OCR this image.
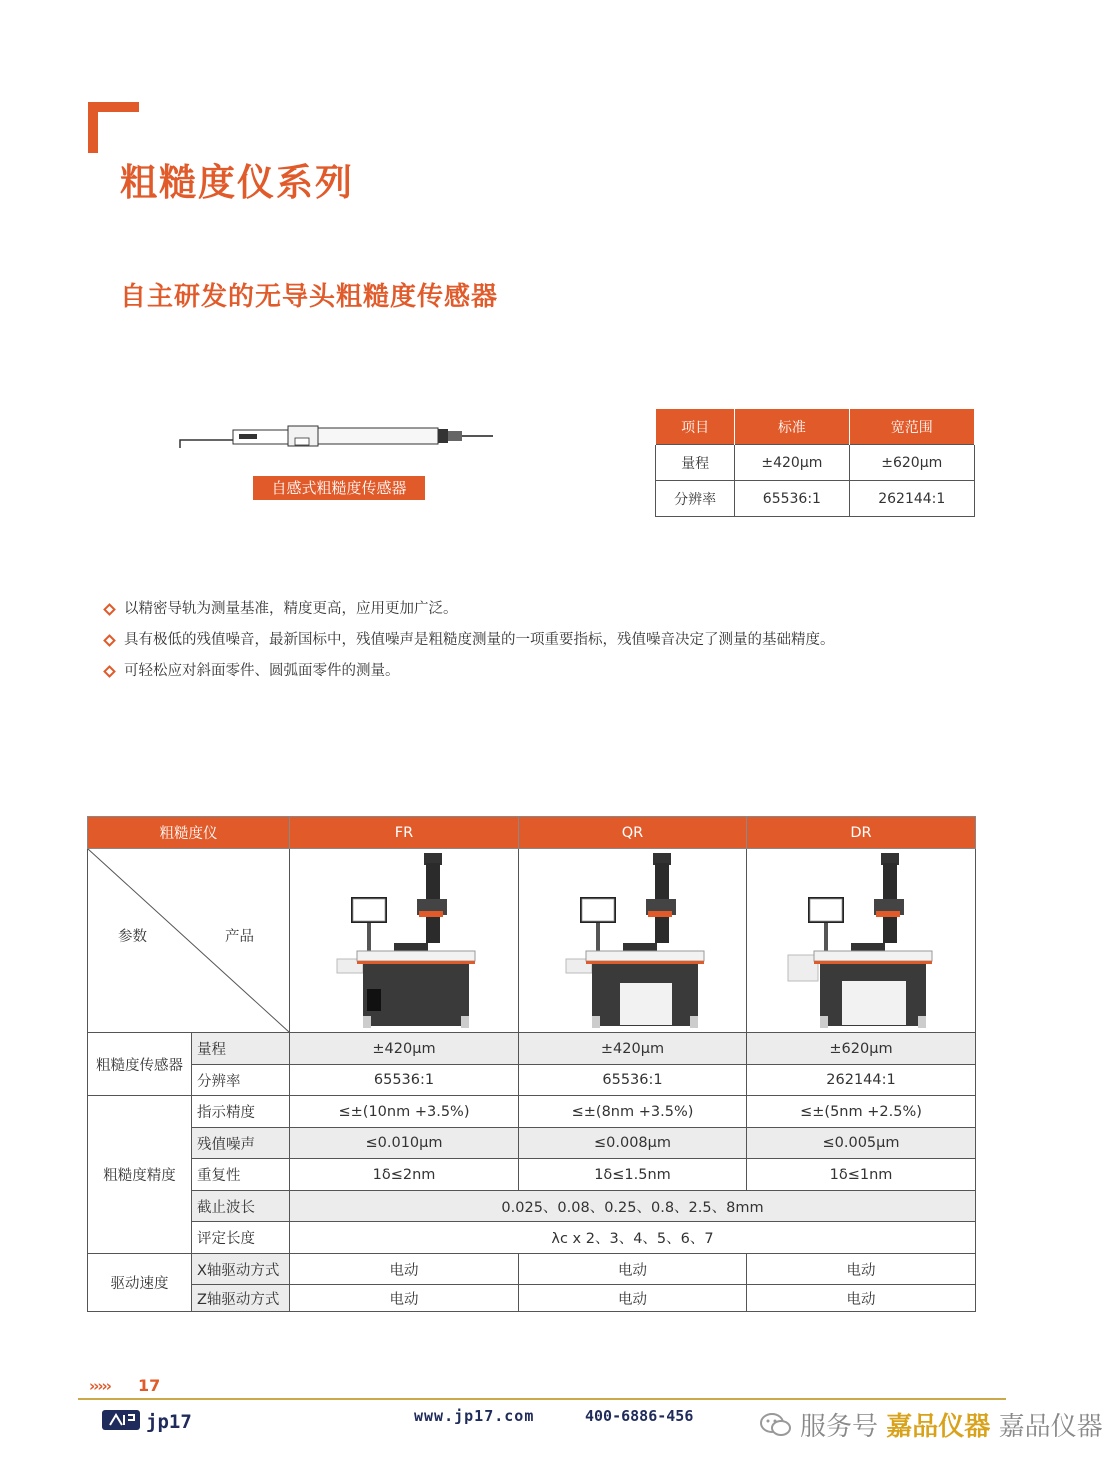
粗糙度仪系列
自主研发的无导头粗糙度传感器
自感式粗糙度传感器
项目	标准	宽范围
量程	±420μm	±620μm
分辨率	65536:1	262144:1
以精密导轨为测量基准，精度更高，应用更加广泛。
具有极低的残值噪音，最新国标中，残值噪声是粗糙度测量的一项重要指标，残值噪音决定了测量的基础精度。
可轻松应对斜面零件、圆弧面零件的测量。
粗糙度仪		FR	QR	DR

参数 产品

粗糙度传感器	量程	±420μm	±420μm	±620μm
	分辨率	65536:1	65536:1	262144:1
粗糙度精度	指示精度	≤±(10nm +3.5%)	≤±(8nm +3.5%)	≤±(5nm +2.5%)
	残值噪声	≤0.010μm	≤0.008μm	≤0.005μm
	重复性	1δ≤2nm	1δ≤1.5nm	1δ≤1nm
	截止波长	0.025、0.08、0.25、0.8、2.5、8mm		
	评定长度	λc x 2、3、4、5、6、7		
驱动速度	X轴驱动方式	电动	电动	电动
	Z轴驱动方式	电动	电动	电动
››››› 17
jp17	www.jp17.com	400-6886-456	服务号 嘉品仪器 嘉品仪器
